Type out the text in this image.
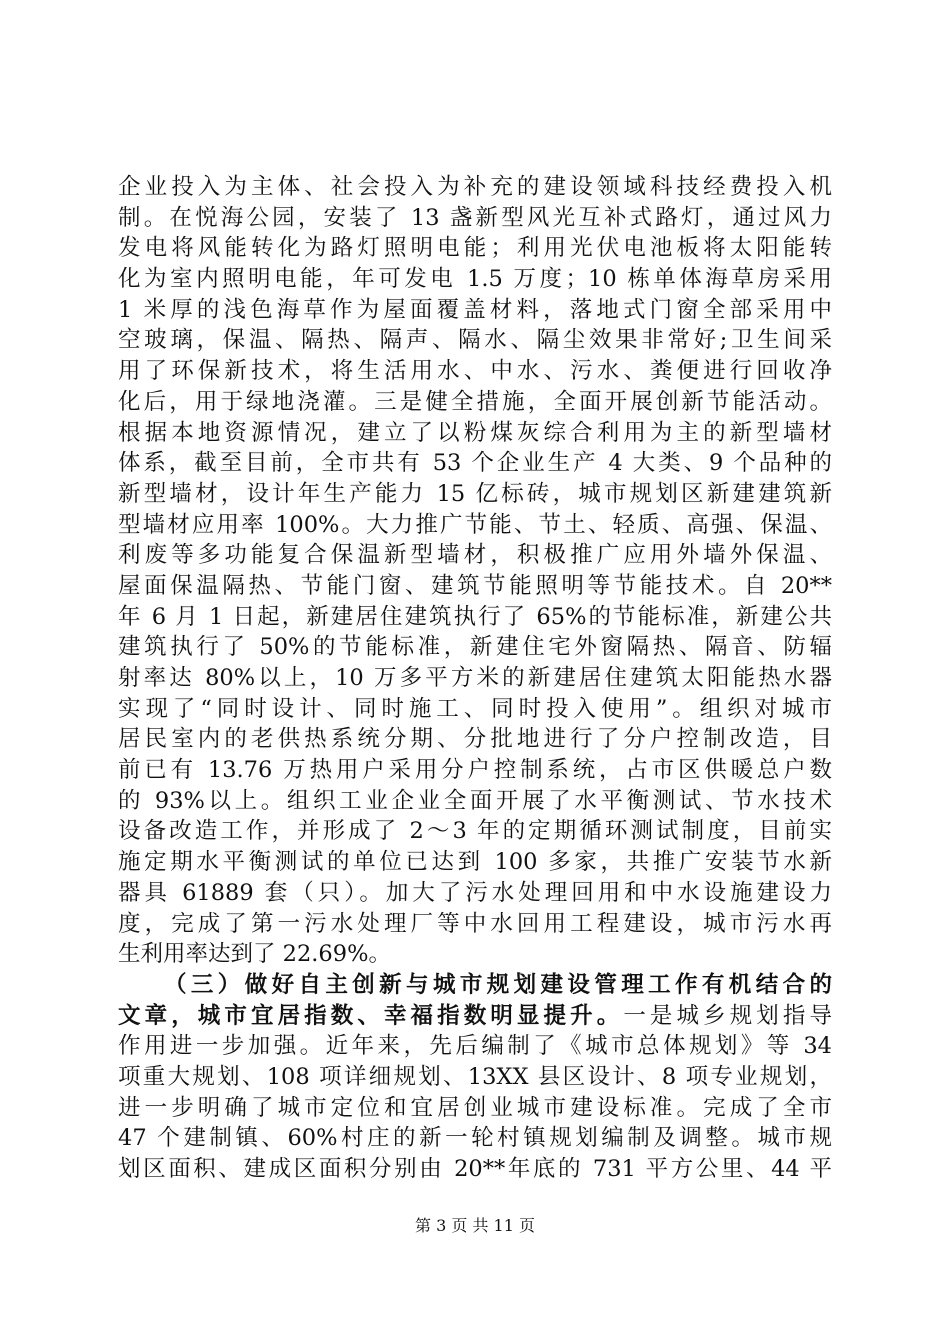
企业投入为主体、社会投入为补充的建设领域科技经费投入机
制。在悦海公园，安装了 13 盏新型风光互补式路灯，通过风力
发电将风能转化为路灯照明电能；利用光伏电池板将太阳能转
化为室内照明电能，年可发电 1.5 万度；10 栋单体海草房采用
1 米厚的浅色海草作为屋面覆盖材料，落地式门窗全部采用中
空玻璃，保温、隔热、隔声、隔水、隔尘效果非常好;卫生间采
用了环保新技术，将生活用水、中水、污水、粪便进行回收净
化后，用于绿地浇灌。三是健全措施，全面开展创新节能活动。
根据本地资源情况，建立了以粉煤灰综合利用为主的新型墙材
体系，截至目前，全市共有 53 个企业生产 4 大类、9 个品种的
新型墙材，设计年生产能力 15 亿标砖，城市规划区新建建筑新
型墙材应用率 100%。大力推广节能、节土、轻质、高强、保温、
利废等多功能复合保温新型墙材，积极推广应用外墙外保温、
屋面保温隔热、节能门窗、建筑节能照明等节能技术。自 20**
年 6 月 1 日起，新建居住建筑执行了 65%的节能标准，新建公共
建筑执行了 50%的节能标准，新建住宅外窗隔热、隔音、防辐
射率达 80%以上，10 万多平方米的新建居住建筑太阳能热水器
实现了“同时设计、同时施工、同时投入使用”。组织对城市
居民室内的老供热系统分期、分批地进行了分户控制改造，目
前已有 13.76 万热用户采用分户控制系统，占市区供暖总户数
的 93%以上。组织工业企业全面开展了水平衡测试、节水技术
设备改造工作，并形成了 2～3 年的定期循环测试制度，目前实
施定期水平衡测试的单位已达到 100 多家，共推广安装节水新
器具 61889 套（只）。加大了污水处理回用和中水设施建设力
度，完成了第一污水处理厂等中水回用工程建设，城市污水再
生利用率达到了 22.69%。
（三）做好自主创新与城市规划建设管理工作有机结合的
文章，城市宜居指数、幸福指数明显提升。一是城乡规划指导
作用进一步加强。近年来，先后编制了《城市总体规划》等 34
项重大规划、108 项详细规划、13XX 县区设计、8 项专业规划，
进一步明确了城市定位和宜居创业城市建设标准。完成了全市
47 个建制镇、60%村庄的新一轮村镇规划编制及调整。城市规
划区面积、建成区面积分别由 20**年底的 731 平方公里、44 平
第 3 页 共 11 页
